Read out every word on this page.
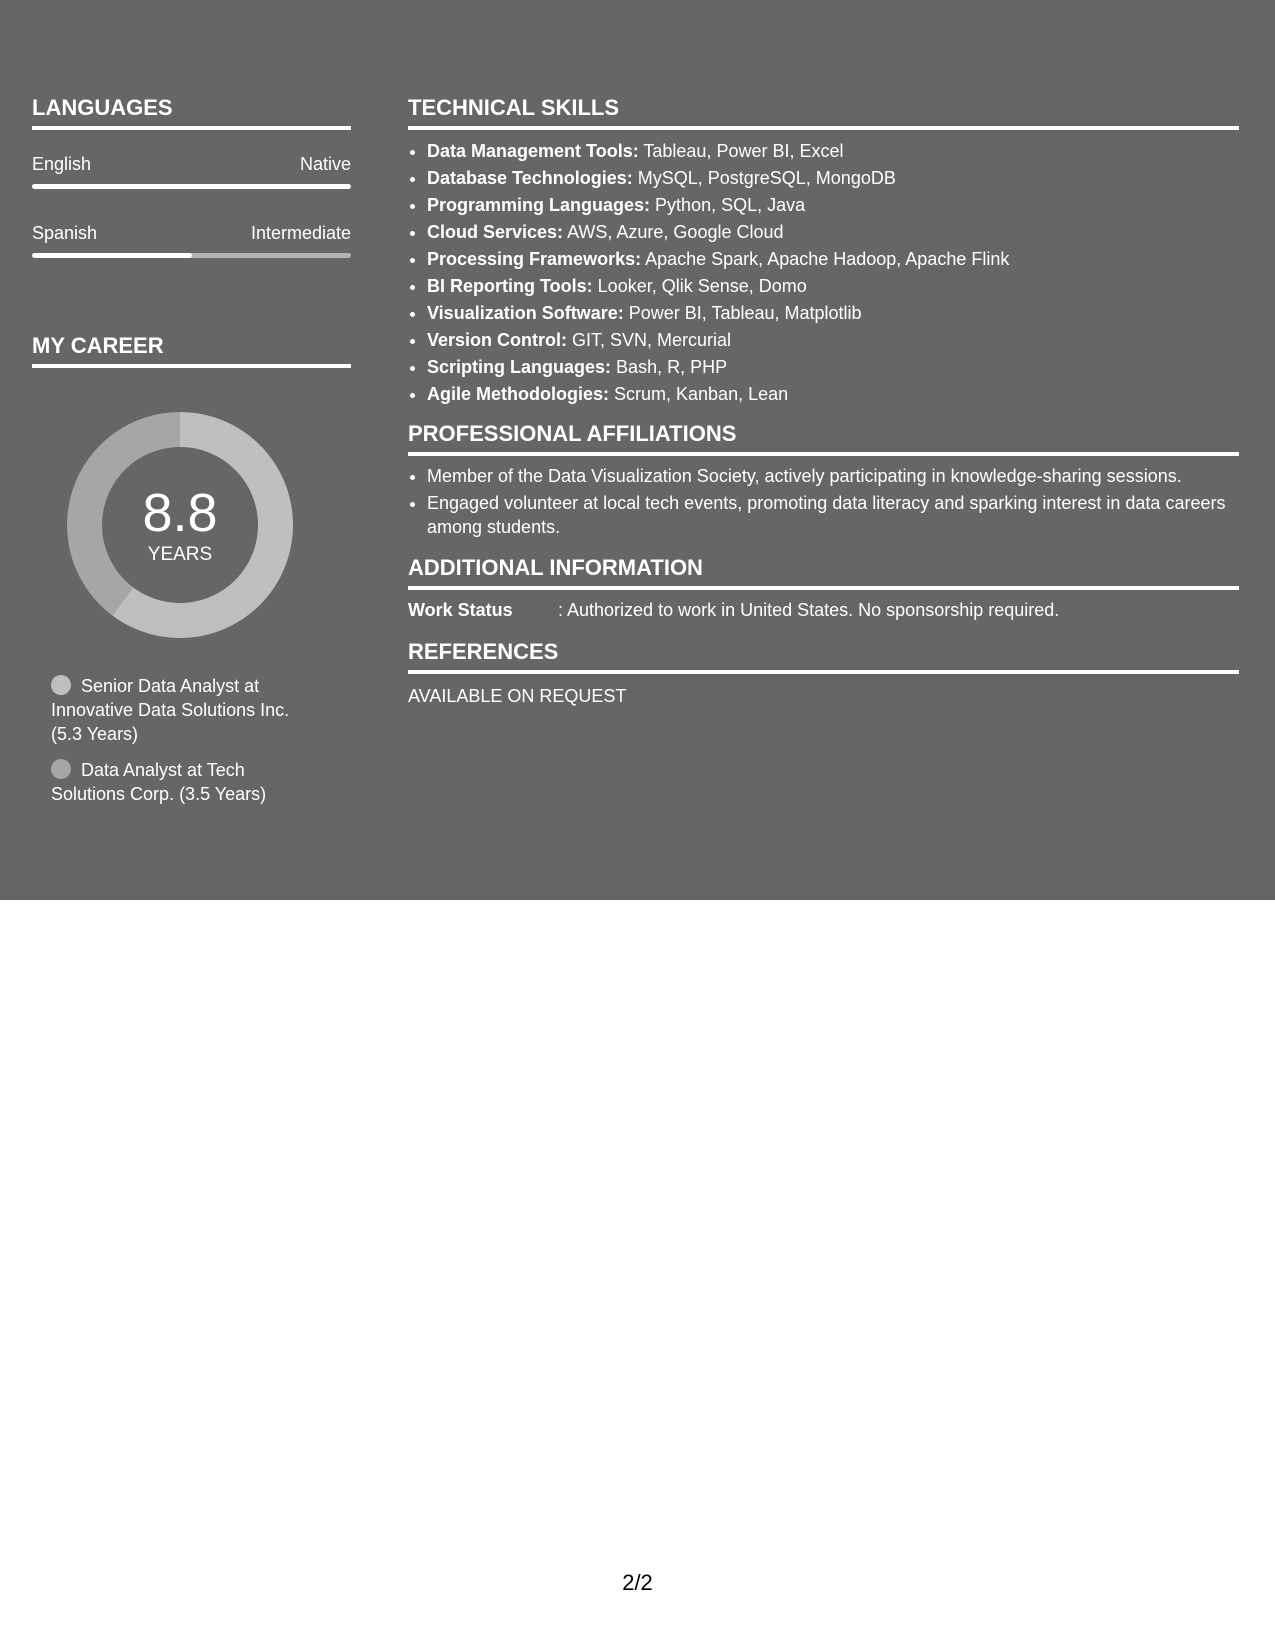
LANGUAGES
English	Native
Spanish	Intermediate
MY CAREER
8.8
YEARS
Senior Data Analyst at Innovative Data Solutions Inc. (5.3 Years)
Data Analyst at Tech Solutions Corp. (3.5 Years)
TECHNICAL SKILLS
• Data Management Tools: Tableau, Power BI, Excel
• Database Technologies: MySQL, PostgreSQL, MongoDB
• Programming Languages: Python, SQL, Java
• Cloud Services: AWS, Azure, Google Cloud
• Processing Frameworks: Apache Spark, Apache Hadoop, Apache Flink
• BI Reporting Tools: Looker, Qlik Sense, Domo
• Visualization Software: Power BI, Tableau, Matplotlib
• Version Control: GIT, SVN, Mercurial
• Scripting Languages: Bash, R, PHP
• Agile Methodologies: Scrum, Kanban, Lean
PROFESSIONAL AFFILIATIONS
• Member of the Data Visualization Society, actively participating in knowledge-sharing sessions.
• Engaged volunteer at local tech events, promoting data literacy and sparking interest in data careers among students.
ADDITIONAL INFORMATION
Work Status	: Authorized to work in United States. No sponsorship required.
REFERENCES
AVAILABLE ON REQUEST
2/2
